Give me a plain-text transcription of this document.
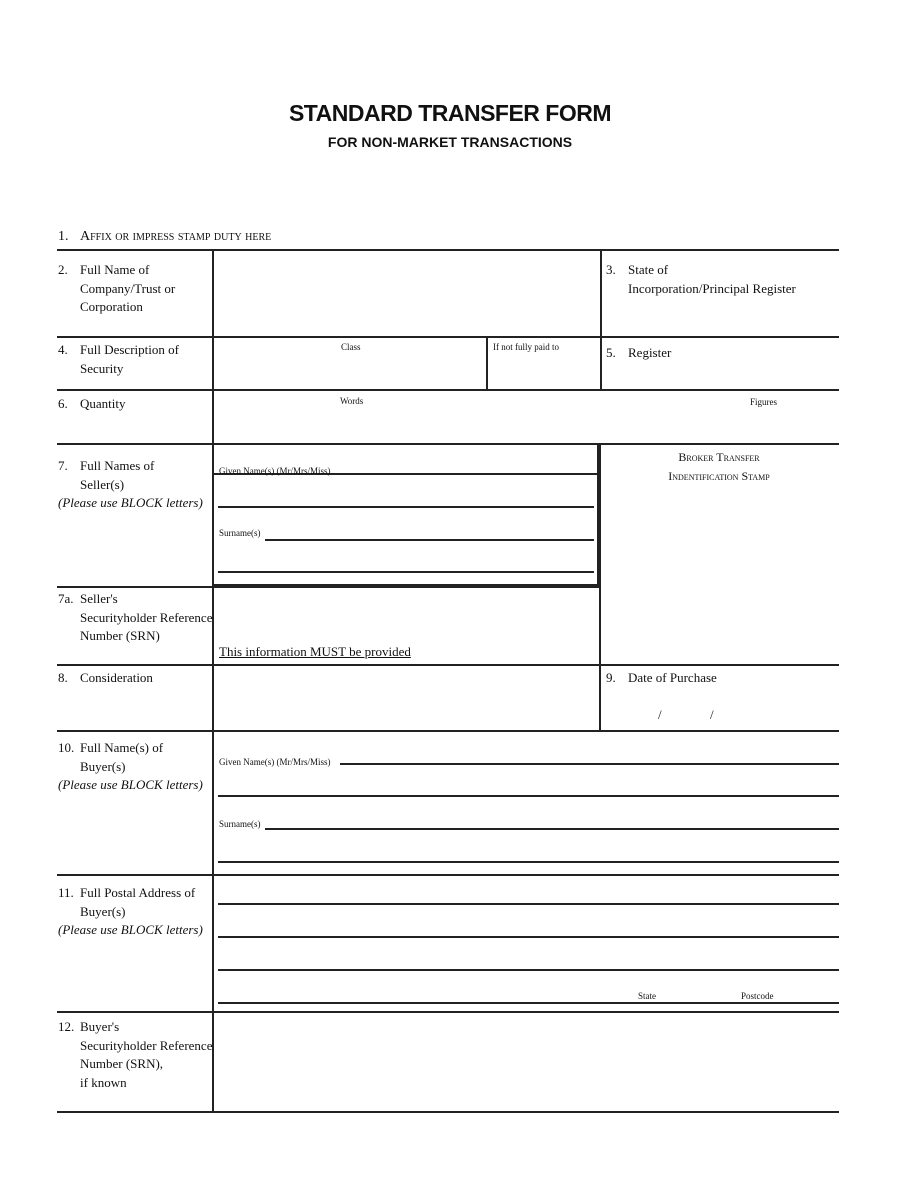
STANDARD TRANSFER FORM
FOR NON-MARKET TRANSACTIONS
1. Affix or impress stamp duty here
2. Full Name of
Company/Trust or
Corporation
3. State of
Incorporation/Principal Register
4. Full Description of
Security
Class	If not fully paid to	5. Register
6. Quantity	Words	Figures
7. Full Names of
Seller(s)
(Please use BLOCK letters)
Given Name(s) (Mr/Mrs/Miss)
Surname(s)
Broker Transfer
Indentification Stamp
7a. Seller's
Securityholder Reference
Number (SRN)
This information MUST be provided
8. Consideration	9. Date of Purchase
/	/
10. Full Name(s) of
Buyer(s)
(Please use BLOCK letters)
Given Name(s) (Mr/Mrs/Miss)
Surname(s)
11. Full Postal Address of
Buyer(s)
(Please use BLOCK letters)
State	Postcode
12. Buyer's
Securityholder Reference
Number (SRN),
if known
